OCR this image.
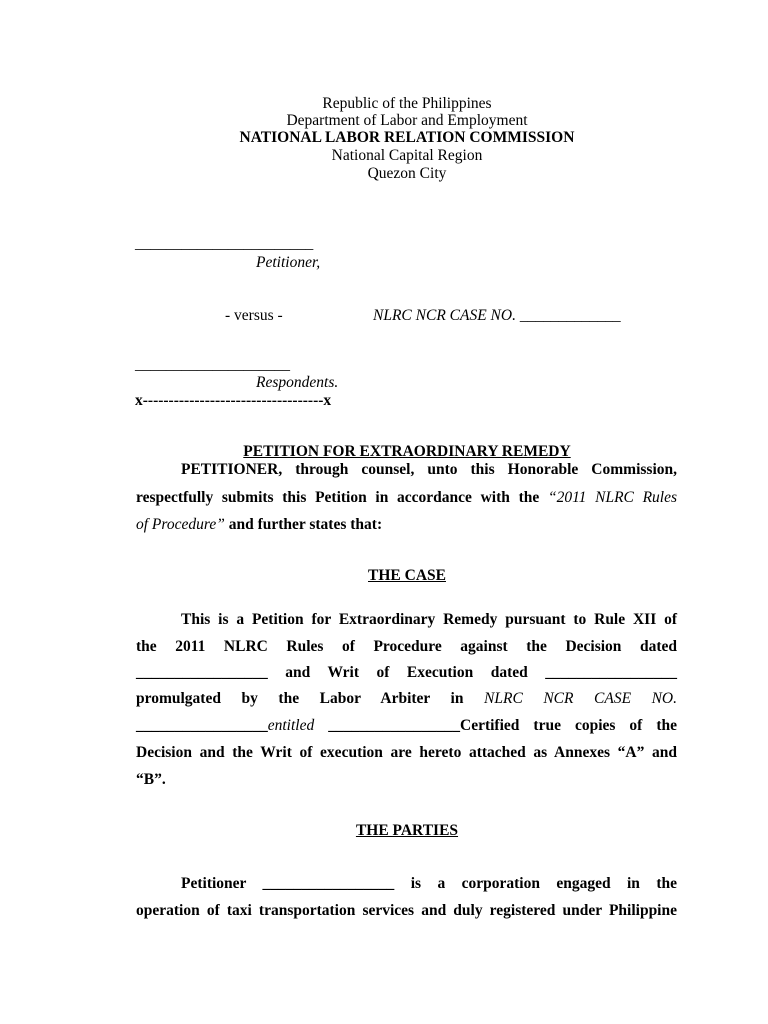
Republic of the Philippines
Department of Labor and Employment
NATIONAL LABOR RELATION COMMISSION
National Capital Region
Quezon City
_______________________
Petitioner,
- versus -	NLRC NCR CASE NO. _____________
____________________
Respondents.
x-----------------------------------x
PETITION FOR EXTRAORDINARY REMEDY
PETITIONER, through counsel, unto this Honorable Commission,
respectfully submits this Petition in accordance with the “2011 NLRC Rules
of Procedure” and further states that:
THE CASE
This is a Petition for Extraordinary Remedy pursuant to Rule XII of
the 2011 NLRC Rules of Procedure against the Decision dated
_________________ and Writ of Execution dated _________________
promulgated by the Labor Arbiter in NLRC NCR CASE NO.
_________________entitled _________________Certified true copies of the
Decision and the Writ of execution are hereto attached as Annexes “A” and
“B”.
THE PARTIES
Petitioner _________________ is a corporation engaged in the
operation of taxi transportation services and duly registered under Philippine
